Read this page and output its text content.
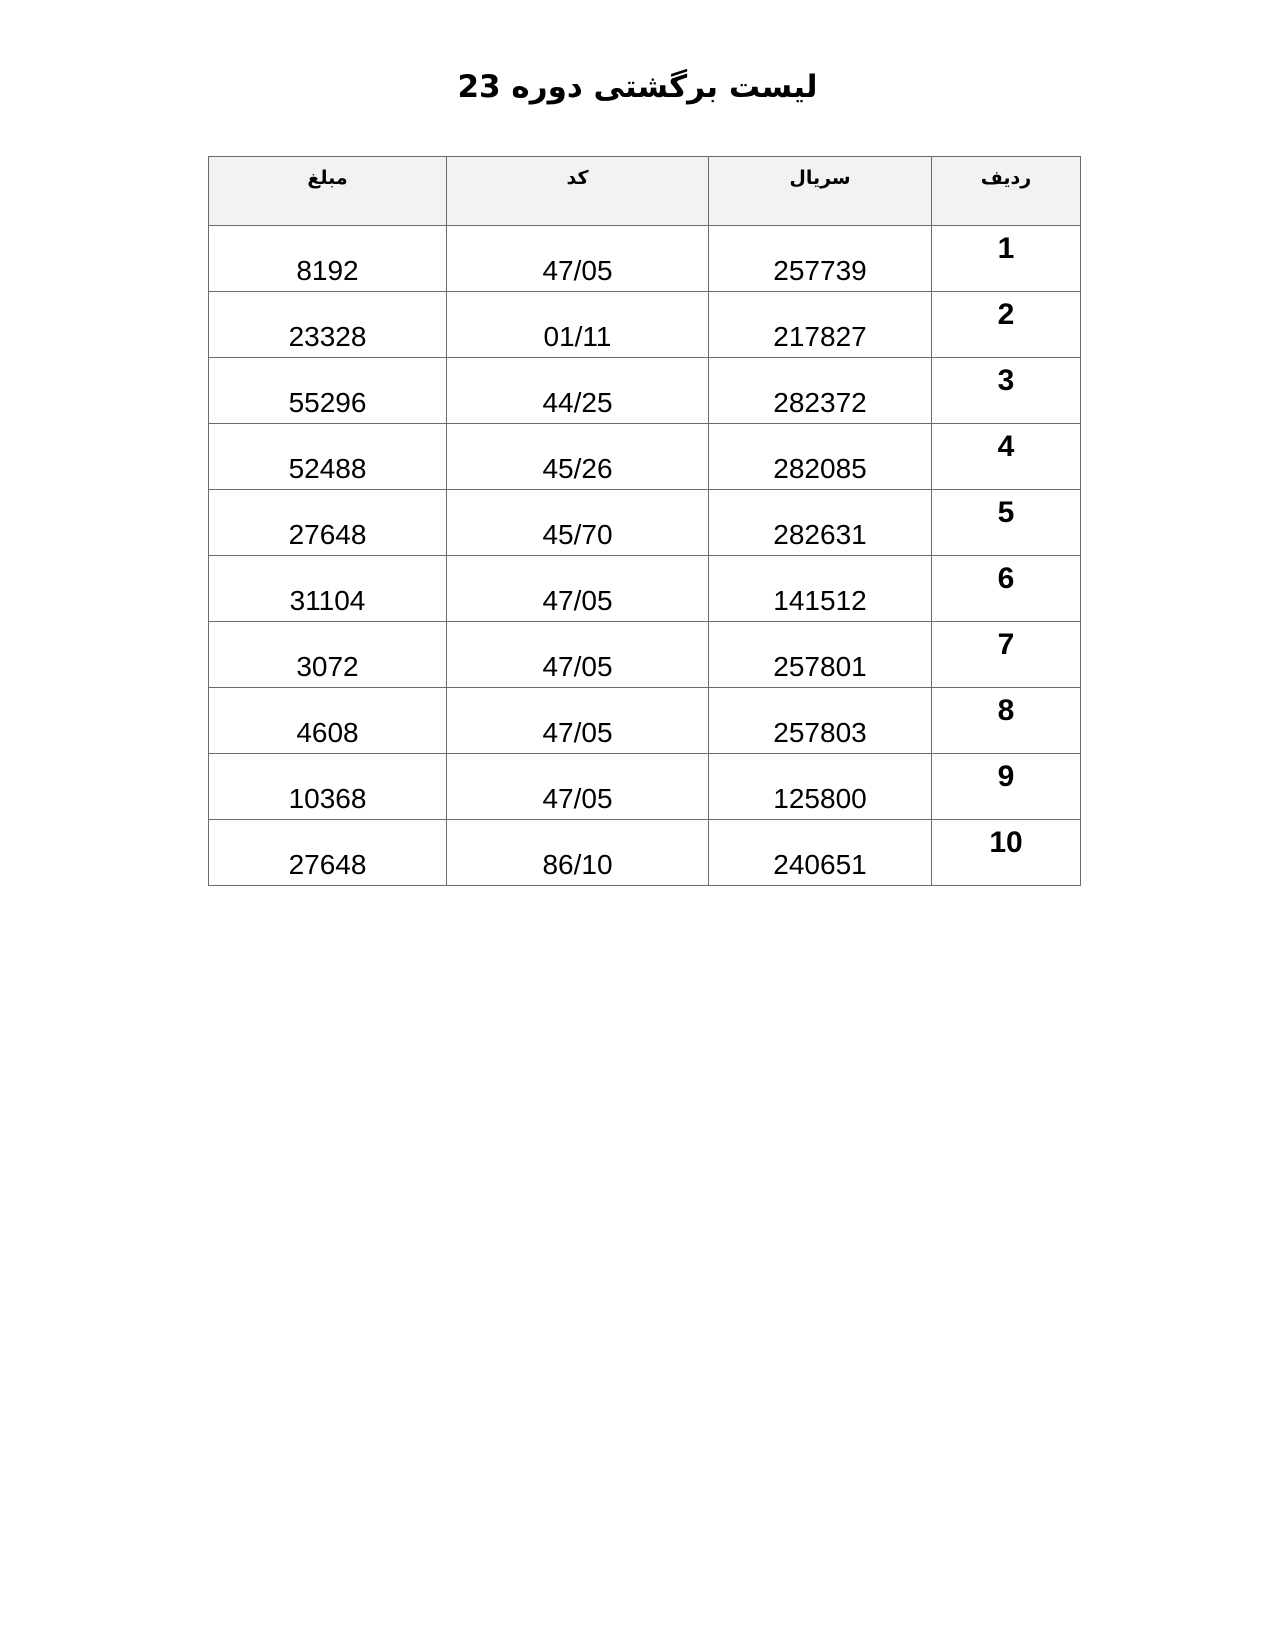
لیست برگشتی دوره 23
ردیف	سریال	کد	مبلغ
1	257739	47/05	8192
2	217827	01/11	23328
3	282372	44/25	55296
4	282085	45/26	52488
5	282631	45/70	27648
6	141512	47/05	31104
7	257801	47/05	3072
8	257803	47/05	4608
9	125800	47/05	10368
10	240651	86/10	27648
